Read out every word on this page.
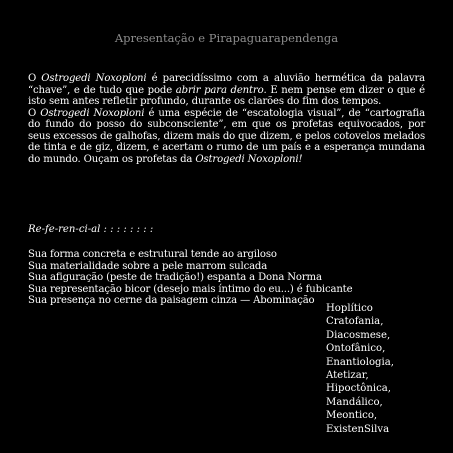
Apresentação e Pirapaguarapendenga

O Ostrogedi Noxoploni é parecidíssimo com a aluvião hermética da palavra “chave”, e de tudo que pode abrir para dentro. E nem pense em dizer o que é isto sem antes refletir profundo, durante os clarões do fim dos tempos.

O Ostrogedi Noxoploni é uma espécie de “escatologia visual”, de “cartografia do fundo do posso do subconsciente”, em que os profetas equivocados, por seus excessos de galhofas, dizem mais do que dizem, e pelos cotovelos melados de tinta e de giz, dizem, e acertam o rumo de um país e a esperança mundana do mundo. Ouçam os profetas da Ostrogedi Noxoploni!

Re-fe-ren-ci-al : : : : : : : :
Sua forma concreta e estrutural tende ao argiloso
Sua materialidade sobre a pele marrom sulcada
Sua afiguração (peste de tradição!) espanta a Dona Norma
Sua representação bicor (desejo mais íntimo do eu...) é fubicante
Sua presença no cerne da paisagem cinza — Abominação
Hoplítico
Cratofania,
Diacosmese,
Ontofânico,
Enantiologia,
Atetizar,
Hipoctônica,
Mandálico,
Meontico,
ExistenSilva
